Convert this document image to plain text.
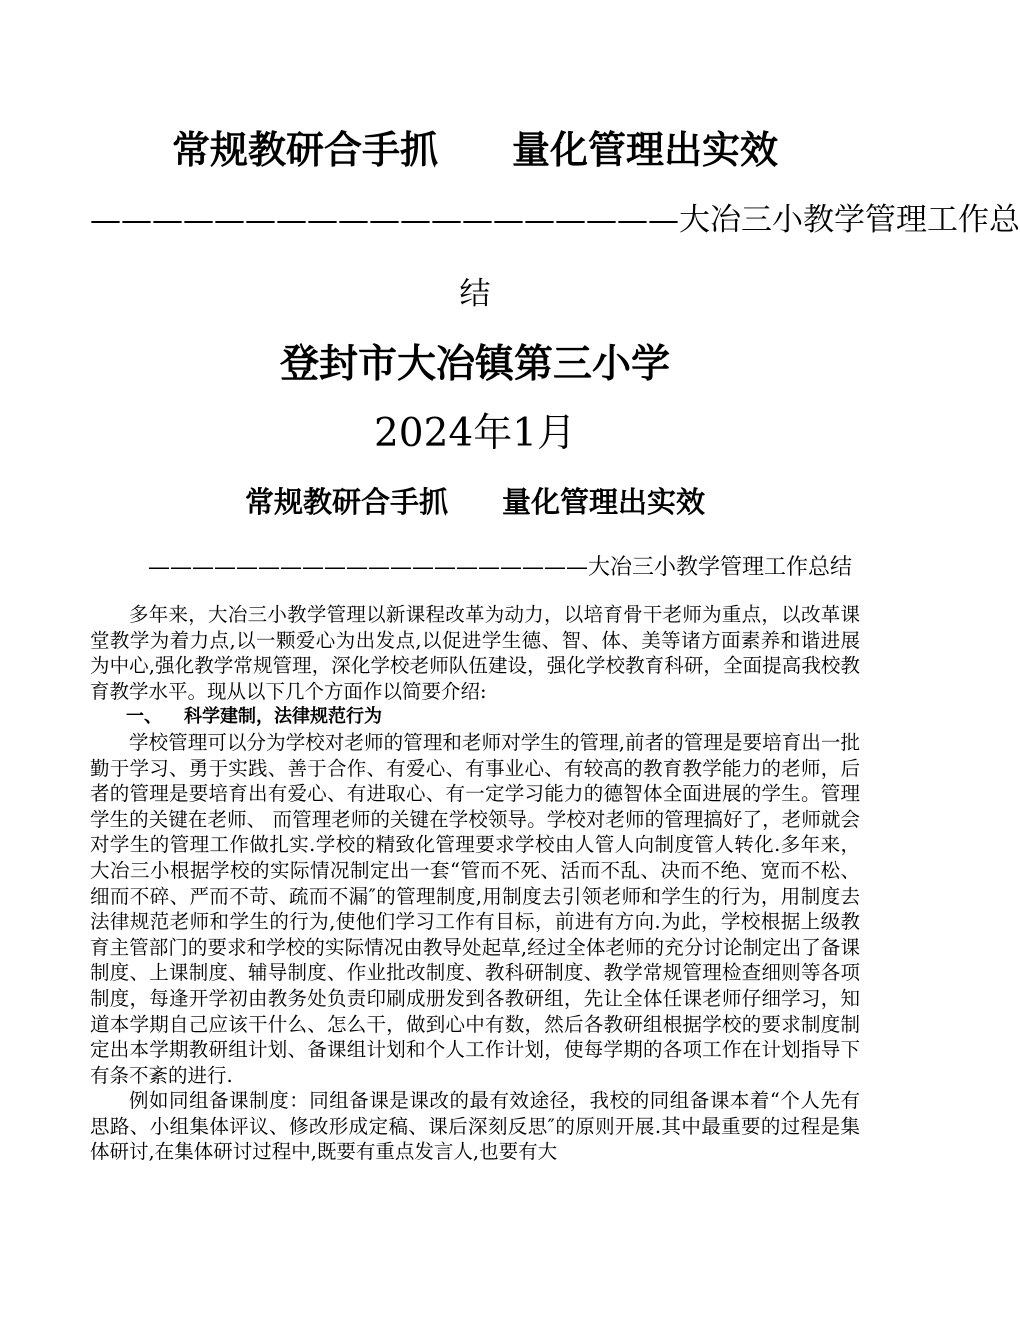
常规教研合手抓 量化管理出实效
———————————————————大冶三小教学管理工作总
结
登封市大冶镇第三小学
2024年1月
常规教研合手抓 量化管理出实效
————————————————————大冶三小教学管理工作总结

多年来，大冶三小教学管理以新课程改革为动力，以培育骨干老师为重点，以改革课堂教学为着力点,以一颗爱心为出发点,以促进学生德、智、体、美等诸方面素养和谐进展为中心,强化教学常规管理，深化学校老师队伍建设，强化学校教育科研，全面提高我校教育教学水平。现从以下几个方面作以简要介绍:

一、 科学建制，法律规范行为

学校管理可以分为学校对老师的管理和老师对学生的管理,前者的管理是要培育出一批勤于学习、勇于实践、善于合作、有爱心、有事业心、有较高的教育教学能力的老师，后者的管理是要培育出有爱心、有进取心、有一定学习能力的德智体全面进展的学生。管理学生的关键在老师、 而管理老师的关键在学校领导。学校对老师的管理搞好了，老师就会对学生的管理工作做扎实.学校的精致化管理要求学校由人管人向制度管人转化.多年来，大冶三小根据学校的实际情况制定出一套“管而不死、活而不乱、决而不绝、宽而不松、细而不碎、严而不苛、疏而不漏″的管理制度,用制度去引领老师和学生的行为，用制度去法律规范老师和学生的行为,使他们学习工作有目标，前进有方向.为此，学校根据上级教育主管部门的要求和学校的实际情况由教导处起草,经过全体老师的充分讨论制定出了备课制度、上课制度、辅导制度、作业批改制度、教科研制度、教学常规管理检查细则等各项制度，每逢开学初由教务处负责印刷成册发到各教研组，先让全体任课老师仔细学习，知道本学期自己应该干什么、怎么干，做到心中有数，然后各教研组根据学校的要求制度制定出本学期教研组计划、备课组计划和个人工作计划，使每学期的各项工作在计划指导下有条不紊的进行.

例如同组备课制度：同组备课是课改的最有效途径，我校的同组备课本着“个人先有思路、小组集体评议、修改形成定稿、课后深刻反思″的原则开展.其中最重要的过程是集体研讨,在集体研讨过程中,既要有重点发言人,也要有大
